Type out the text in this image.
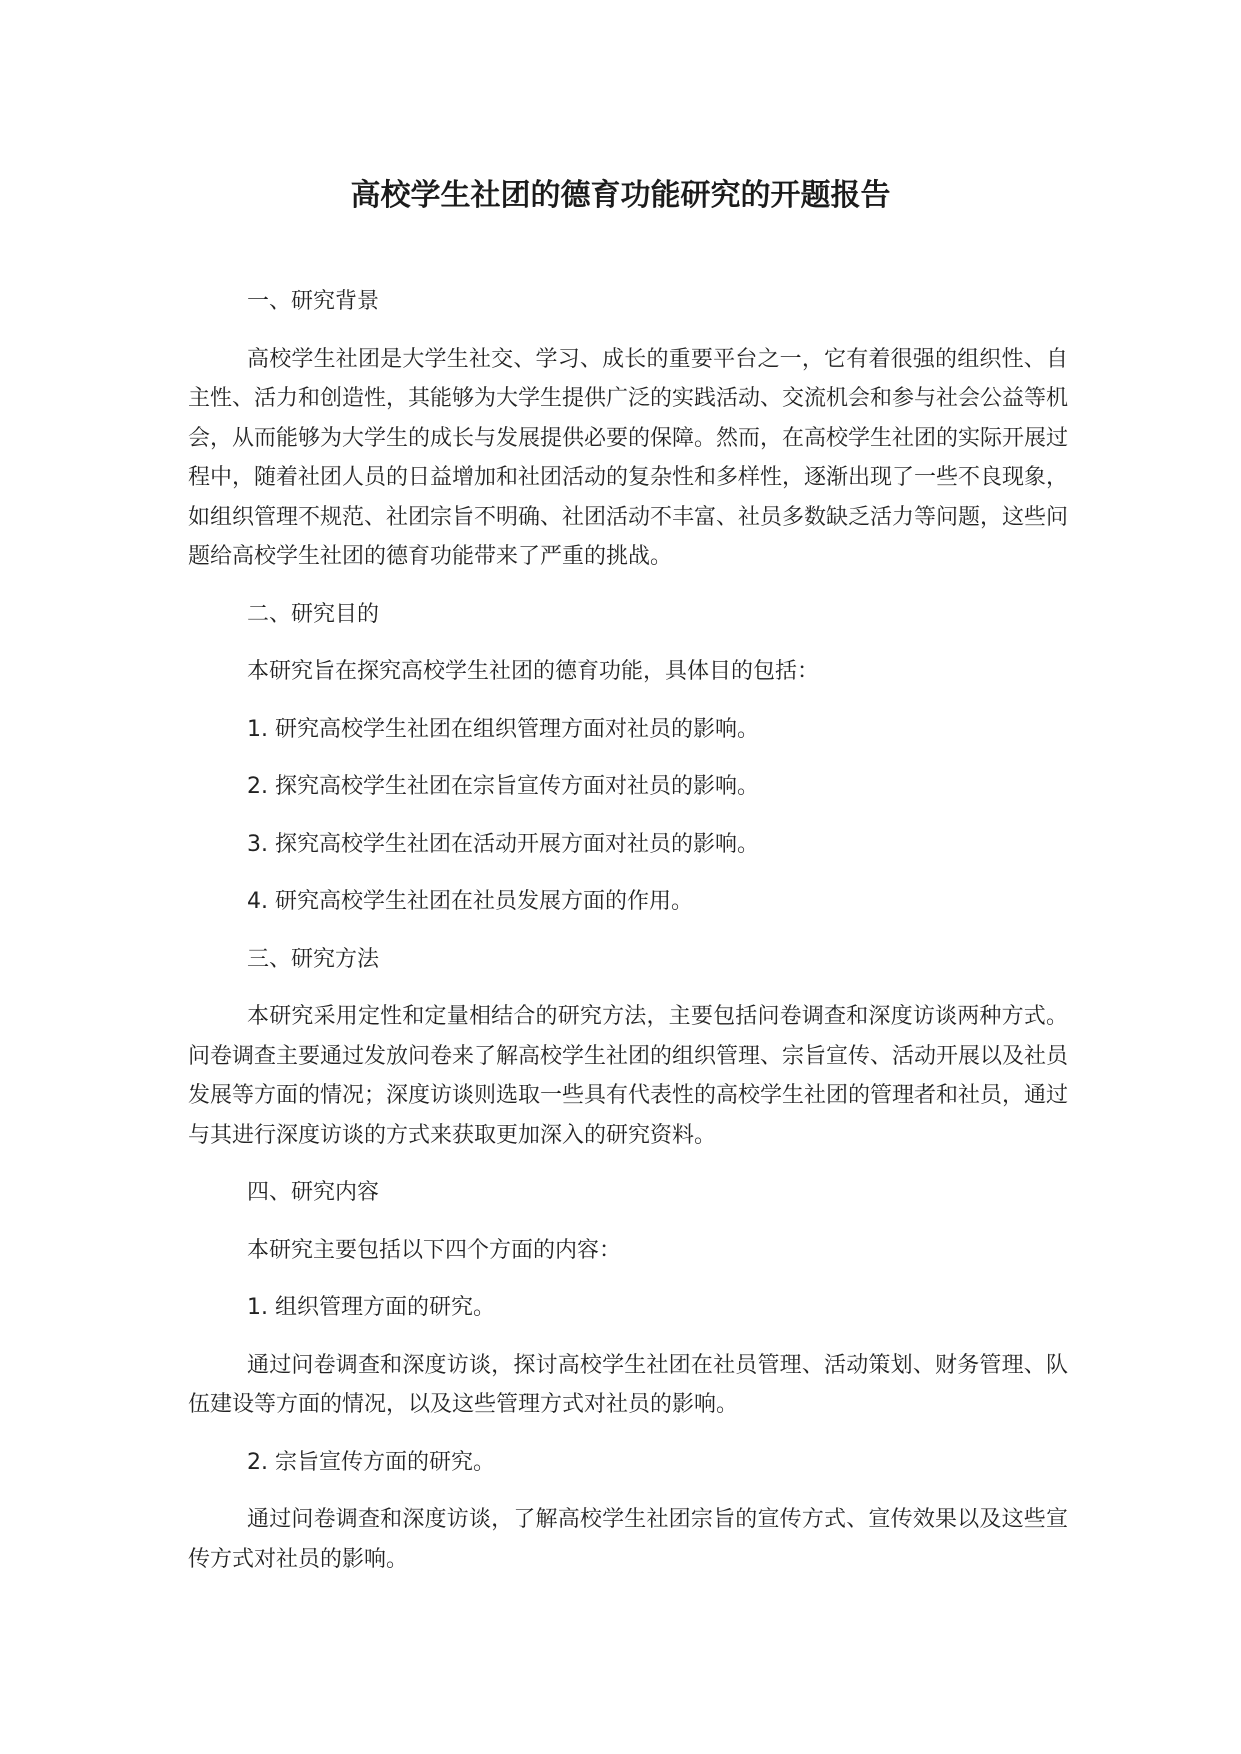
高校学生社团的德育功能研究的开题报告
一、研究背景

高校学生社团是大学生社交、学习、成长的重要平台之一，它有着很强的组织性、自主性、活力和创造性，其能够为大学生提供广泛的实践活动、交流机会和参与社会公益等机会，从而能够为大学生的成长与发展提供必要的保障。然而，在高校学生社团的实际开展过程中，随着社团人员的日益增加和社团活动的复杂性和多样性，逐渐出现了一些不良现象，如组织管理不规范、社团宗旨不明确、社团活动不丰富、社员多数缺乏活力等问题，这些问题给高校学生社团的德育功能带来了严重的挑战。

二、研究目的
本研究旨在探究高校学生社团的德育功能，具体目的包括：
1. 研究高校学生社团在组织管理方面对社员的影响。
2. 探究高校学生社团在宗旨宣传方面对社员的影响。
3. 探究高校学生社团在活动开展方面对社员的影响。
4. 研究高校学生社团在社员发展方面的作用。
三、研究方法

本研究采用定性和定量相结合的研究方法，主要包括问卷调查和深度访谈两种方式。问卷调查主要通过发放问卷来了解高校学生社团的组织管理、宗旨宣传、活动开展以及社员发展等方面的情况；深度访谈则选取一些具有代表性的高校学生社团的管理者和社员，通过与其进行深度访谈的方式来获取更加深入的研究资料。

四、研究内容
本研究主要包括以下四个方面的内容：
1. 组织管理方面的研究。

通过问卷调查和深度访谈，探讨高校学生社团在社员管理、活动策划、财务管理、队伍建设等方面的情况，以及这些管理方式对社员的影响。

2. 宗旨宣传方面的研究。

通过问卷调查和深度访谈，了解高校学生社团宗旨的宣传方式、宣传效果以及这些宣传方式对社员的影响。
